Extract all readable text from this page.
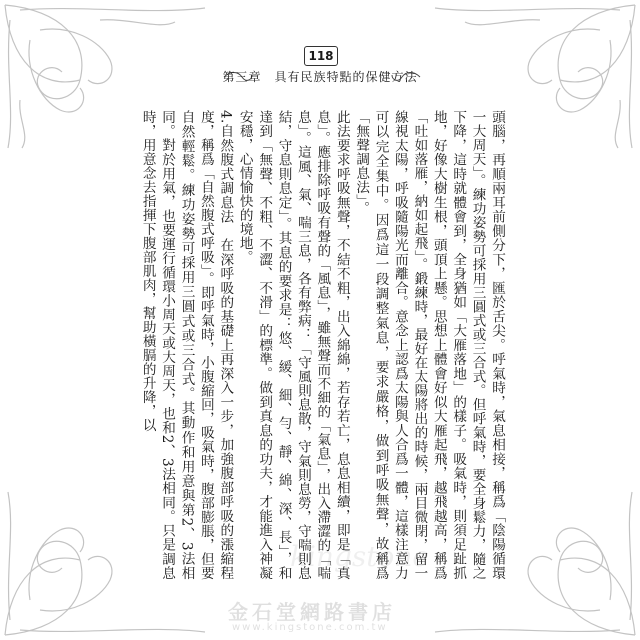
118
第三章　具有民族特點的保健方法

頭腦，再順兩耳前側分下，匯於舌尖。呼氣時，氣息相接，稱爲「陰陽循環一大周天」。練功姿勢可採用三圓式或三合式。但呼氣時，要全身鬆力，隨之下降，這時就體會到，全身猶如「大雁落地」的樣子。吸氣時，則須足趾抓地，好像大樹生根，頭頂上懸。思想上體會好似大雁起飛，越飛越高，稱爲「吐如落雁，納如起飛」。鍛練時，最好在太陽將出的時候，兩目微閉，留一線視太陽，呼吸隨陽光而離合。意念上認爲太陽與人合爲一體，這樣注意力可以完全集中。因爲這一段調整氣息，要求嚴格，做到呼吸無聲，故稱爲「無聲調息法」。

此法要求呼吸無聲，不結不粗，出入綿綿，若存若亡，息息相續，即是「真息」。應排除呼吸有聲的「風息」，雖無聲而不細的「氣息」，出入滯澀的「喘息」。這風、氣、喘三息，各有弊病：「守風則息散，守氣則息勞，守喘則息結，守息則息定」。其息的要求是：悠、緩、細、勻、靜、綿、深、長」，和達到「無聲、不粗、不澀、不滑」的標準。做到真息的功夫，才能進入神凝安穩，心情愉快的境地。

4.自然腹式調息法　在深呼吸的基礎上再深入一步，加強腹部呼吸的漲縮程度，稱爲「自然腹式呼吸」。即呼氣時，小腹縮回，吸氣時，腹部膨脹，但要自然輕鬆。練功姿勢可採用三圓式或三合式。其動作和用意與第2、3法相同。對於用氣，也要運行循環小周天或大周天，也和2、3法相同。只是調息時，用意念去指揮下腹部肌肉，幫助橫膈的升降，以

kingstone
金石堂網路書店
www.kingstone.com.tw
